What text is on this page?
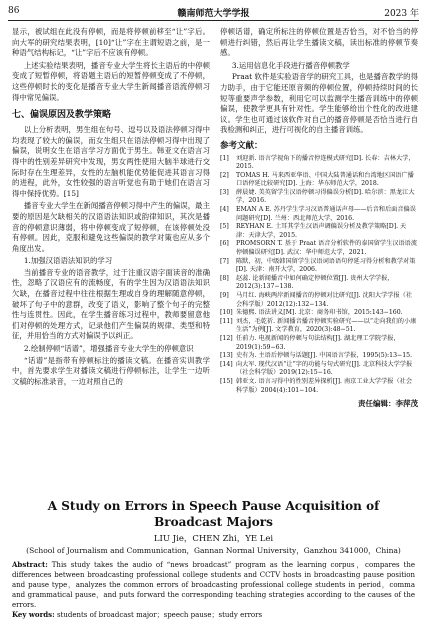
86	赣南师范大学学报	2023 年

显示，被试组在此没有停顿，而是将停顿前移至“让”字后。向大军的研究结果表明，[10]“让”字在主谓短语之前，是一种语气结构标记，“让”字后不应该有停顿。

上述实验结果表明，播音专业大学生将长主语后的中停顿变成了短暂停顿，将语题主语后的短暂停顿变成了不停顿，这些停顿时长的变化是播音专业大学生新闻播音语流停顿习得中常见偏误。

七、偏误原因及教学策略

以上分析表明，男生组在句号、逗号以及语法停顿习得中均表现了较大的偏误，而女生组只在语法停顿习得中出现了偏误，说明女生在语言学习方面优于男生。韩亚文在语言习得中的性别差异研究中发现，男女两性使用大脑半球进行交际时存在生理差异，女性的左脑机能优势能促进其语言习得的进程，此外，女性较强的语言听觉也有助于她们在语言习得中保持优势。[15]

播音专业大学生在新闻播音停顿习得中产生的偏误，最主要的原因是欠缺相关的汉语语法知识或韵律知识，其次是播音的停顿意识薄弱，将中停顿变成了短停顿，在该停顿处没有停顿。因此，克服和避免这些偏误的教学对策也应从多个角度出发。

1.加强汉语语法知识的学习

当前播音专业的语音教学，过于注重汉语字面读音的准确性，忽略了汉语应有的流畅度，有的学生因为汉语语法知识欠缺，在播音过程中往往根据生理或自身的理解随意停顿，破坏了句子中的意群，改变了语义，影响了整个句子的完整性与连贯性。因此，在学生播音练习过程中，教师要留意他们对停顿的处理方式，记录他们产生偏误的规律、类型和特征，并用恰当的方式对偏误予以纠正。

2.绘制停顿“话谱”，增强播音专业大学生的停顿意识

“话谱”是指带有停顿标注的播读文稿。在播音实训教学中，首先要求学生对播读文稿进行停顿标注，让学生一边听文稿的标准录音，一边对照自己的

停顿话谱，确定所标注的停顿位置是否恰当，对不恰当的停顿进行纠错，然后再让学生播读文稿，读出标准的停顿节奏感。

3.运用信息化手段进行播音停顿教学

Praat 软件是实验语音学的研究工具，也是播音教学的得力助手，由于它能还原音频的停顿位置，停顿持续时间的长短等重要声学参数，利用它可以监测学生播音训练中的停顿偏误，使教学更具有针对性。学生能够给出个性化的改进建议。学生也可通过该软件对自己的播音停顿是否恰当进行自我检测和纠正，进行可视化的自主播音训练。

参考文献：
[1]	刘迎新. 语言学视角下的播音停连模式研究[D]. 长春：吉林大学，2015.
[2]	TOMAS H. 马来西亚华语、中国大陆普通话和台湾地区国语广播口语停延比较研究[D]. 上海：华东师范大学，2018.
[3]	薛晨婕. 美英留学生汉语停顿习得偏误分析[D]. 哈尔滨：黑龙江大学，2016.
[4]	EMAN A E. 苏丹学生学习汉语普通话声母——后音和后面音偏误问题研究[D]. 兰州：西北师范大学，2016.
[5]	REYHAN E. 土耳其学生汉语声调偏误分析及教学策略[D]. 天津：天津大学，2015.
[6]	PROMSORN T. 基于 Praat 语音分析软件的泰国留学生汉语语流停顿偏误研究[D]. 武汉：华中师范大学，2021.
[7]	陈默，初，中级韩国留学生汉语词语语句停延习得分析和教学对策[D]. 天津：南开大学，2006.
[8]	赵蕊. 论新闻播音中如何确定停顿位置[J]. 贵州大学学报，2012(3):137−138.
[9]	马月红. 海峡两岸新闻播音的停顿对比研究[J]. 沈阳大学学报（社会科学版）2012(12):132−134.
[10] 朱德熙. 语法讲义[M]. 北京：商务印书馆，2015:143−160.
[11] 刘杰，毛乾祈. 新闻播音播音停顿实验研究——以“走向我们的小康生活”为例[J]. 文学教育，2020(3):48−51.
[12] 任前力. 电视新闻的停顿与句法结构[J]. 湖北理工学院学报，2019(1):59−63.
[13] 史有为. 主语后停顿与话题[J]. 中国语言学报，1995(5):13−15.
[14] 向大军. 现代汉语“让”字的功能与句式研究[J]. 北京科技大学学报（社会科学版）2019(12):15−16.
[15] 韩亚文. 语言习得中的性别差异探析[J]. 南京工业大学学报（社会科学版）2004(4):101−104.
责任编辑：李萍茂
A Study on Errors in Speech Pause Acquisition of Broadcast Majors
LIU Jie，CHEN Zhi，YE Lei
(School of Journalism and Communication，Gannan Normal University，Ganzhou 341000，China)
Abstract: This study takes the audio of “news broadcast” program as the learning corpus，compares the differences between broadcasting professional college students and CCTV hosts in broadcasting pause position and pause type，analyzes the common errors of broadcasting professional college students in period，comma and grammatical pause，and puts forward the corresponding teaching strategies according to the causes of the errors.
Key words: students of broadcast major；speech pause；study errors
